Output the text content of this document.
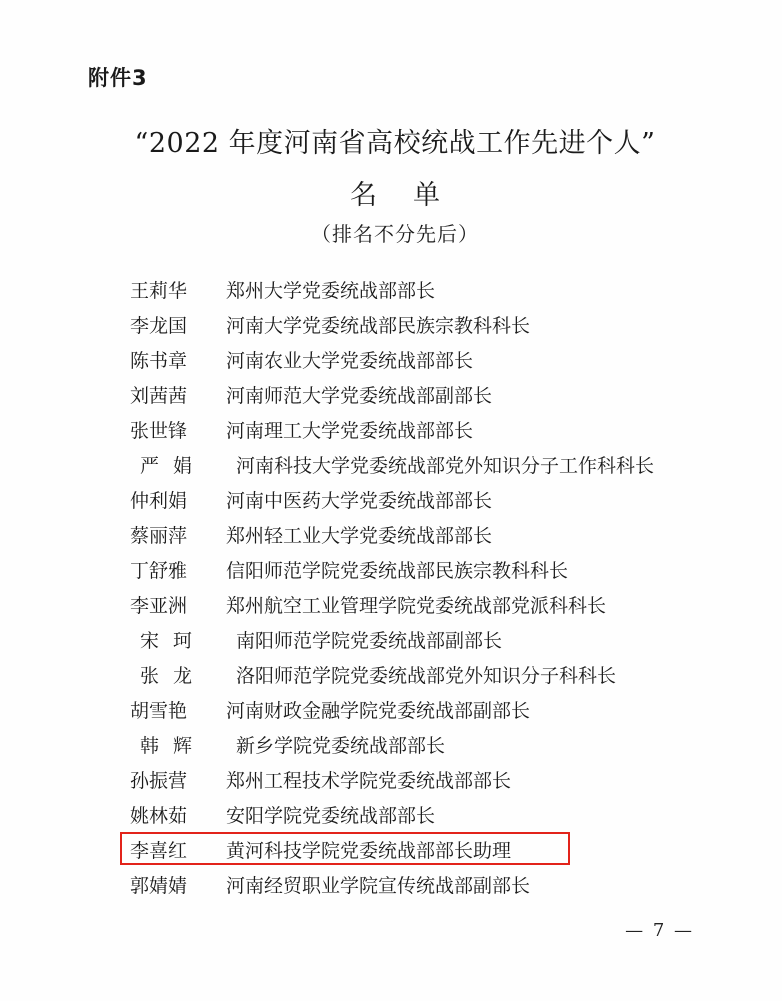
附件3
“2022 年度河南省高校统战工作先进个人”
名单
（排名不分先后）
王莉华	郑州大学党委统战部部长
李龙国	河南大学党委统战部民族宗教科科长
陈书章	河南农业大学党委统战部部长
刘茜茜	河南师范大学党委统战部副部长
张世锋	河南理工大学党委统战部部长
严娟	河南科技大学党委统战部党外知识分子工作科科长
仲利娟	河南中医药大学党委统战部部长
蔡丽萍	郑州轻工业大学党委统战部部长
丁舒雅	信阳师范学院党委统战部民族宗教科科长
李亚洲	郑州航空工业管理学院党委统战部党派科科长
宋珂	南阳师范学院党委统战部副部长
张龙	洛阳师范学院党委统战部党外知识分子科科长
胡雪艳	河南财政金融学院党委统战部副部长
韩辉	新乡学院党委统战部部长
孙振营	郑州工程技术学院党委统战部部长
姚林茹	安阳学院党委统战部部长
李喜红	黄河科技学院党委统战部部长助理
郭婧婧	河南经贸职业学院宣传统战部副部长
— 7 —
